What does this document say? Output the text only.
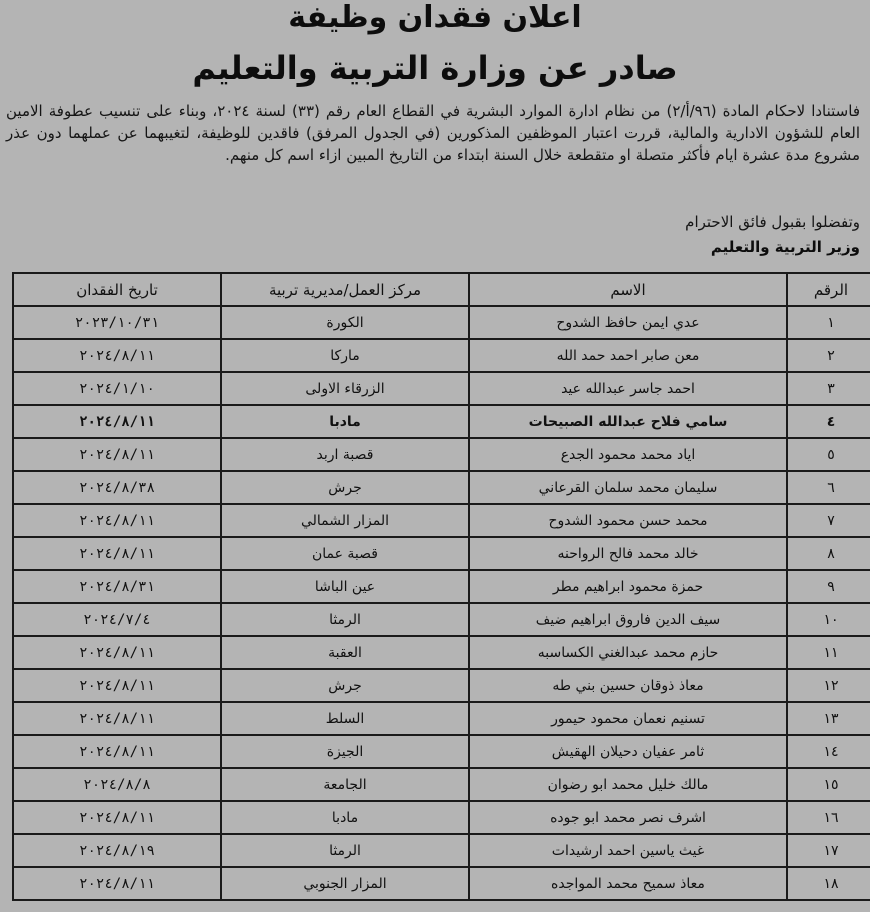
اعلان فقدان وظيفة
صادر عن وزارة التربية والتعليم
فاستنادا لاحكام المادة (٩٦/أ/٢) من نظام ادارة الموارد البشرية في القطاع العام رقم (٣٣) لسنة ٢٠٢٤، وبناء على تنسيب عطوفة الامين العام للشؤون الادارية والمالية، قررت اعتبار الموظفين المذكورين (في الجدول المرفق) فاقدين للوظيفة، لتغيبهما عن عملهما دون عذر مشروع مدة عشرة ايام فأكثر متصلة او متقطعة خلال السنة ابتداء من التاريخ المبين ازاء اسم كل منهم.
وتفضلوا بقبول فائق الاحترام
وزير التربية والتعليم
الرقم	الاسم	مركز العمل/مديرية تربية	تاريخ الفقدان
١	عدي ايمن حافظ الشدوح	الكورة	٢٠٢٣/١٠/٣١
٢	معن صابر احمد حمد الله	ماركا	٢٠٢٤/٨/١١
٣	احمد جاسر عبدالله عيد	الزرقاء الاولى	٢٠٢٤/١/١٠
٤	سامي فلاح عبدالله الصبيحات	مادبا	٢٠٢٤/٨/١١
٥	اياد محمد محمود الجدع	قصبة اربد	٢٠٢٤/٨/١١
٦	سليمان محمد سلمان القرعاني	جرش	٢٠٢٤/٨/٣٨
٧	محمد حسن محمود الشدوح	المزار الشمالي	٢٠٢٤/٨/١١
٨	خالد محمد فالح الرواحنه	قصبة عمان	٢٠٢٤/٨/١١
٩	حمزة محمود ابراهيم مطر	عين الباشا	٢٠٢٤/٨/٣١
١٠	سيف الدين فاروق ابراهيم ضيف	الرمثا	٢٠٢٤/٧/٤
١١	حازم محمد عبدالغني الكساسبه	العقبة	٢٠٢٤/٨/١١
١٢	معاذ ذوقان حسين بني طه	جرش	٢٠٢٤/٨/١١
١٣	تسنيم نعمان محمود حيمور	السلط	٢٠٢٤/٨/١١
١٤	ثامر عفيان دحيلان الهقيش	الجيزة	٢٠٢٤/٨/١١
١٥	مالك خليل محمد ابو رضوان	الجامعة	٢٠٢٤/٨/٨
١٦	اشرف نصر محمد ابو جوده	مادبا	٢٠٢٤/٨/١١
١٧	غيث ياسين احمد ارشيدات	الرمثا	٢٠٢٤/٨/١٩
١٨	معاذ سميح محمد المواجده	المزار الجنوبي	٢٠٢٤/٨/١١
